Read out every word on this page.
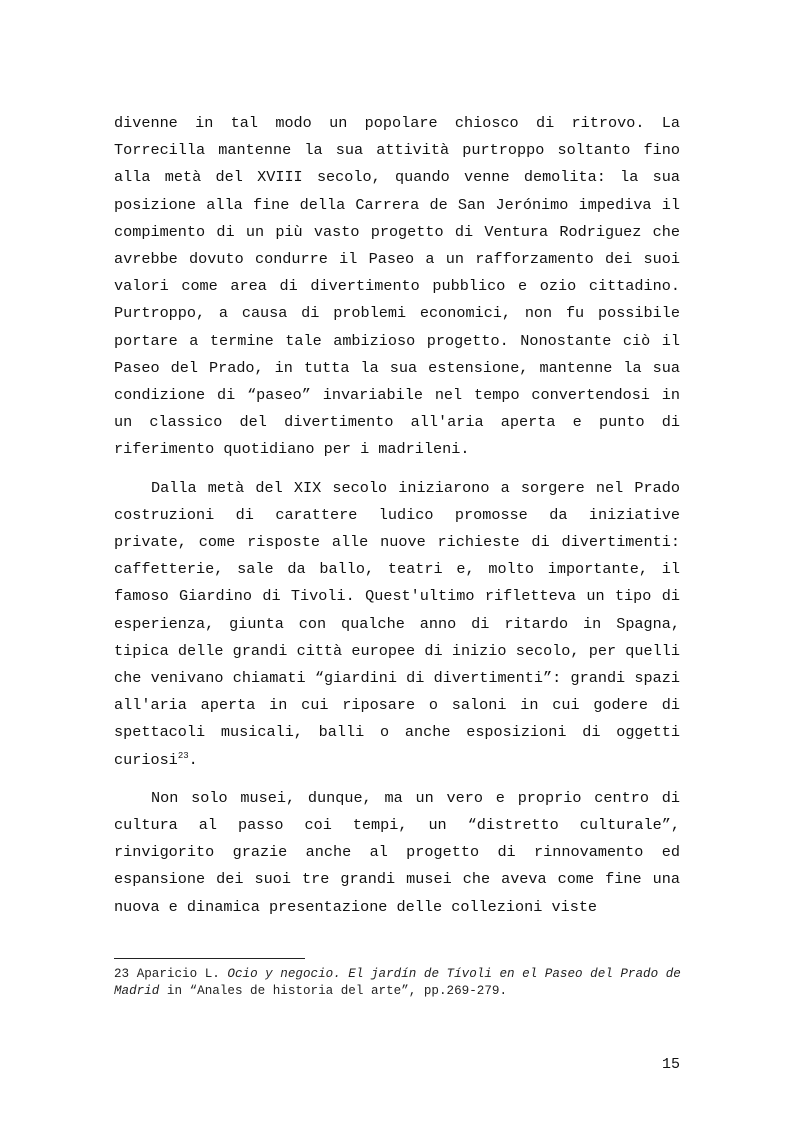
divenne in tal modo un popolare chiosco di ritrovo. La Torrecilla mantenne la sua attività purtroppo soltanto fino alla metà del XVIII secolo, quando venne demolita: la sua posizione alla fine della Carrera de San Jerónimo impediva il compimento di un più vasto progetto di Ventura Rodriguez che avrebbe dovuto condurre il Paseo a un rafforzamento dei suoi valori come area di divertimento pubblico e ozio cittadino. Purtroppo, a causa di problemi economici, non fu possibile portare a termine tale ambizioso progetto. Nonostante ciò il Paseo del Prado, in tutta la sua estensione, mantenne la sua condizione di “paseo” invariabile nel tempo convertendosi in un classico del divertimento all'aria aperta e punto di riferimento quotidiano per i madrileni.

Dalla metà del XIX secolo iniziarono a sorgere nel Prado costruzioni di carattere ludico promosse da iniziative private, come risposte alle nuove richieste di divertimenti: caffetterie, sale da ballo, teatri e, molto importante, il famoso Giardino di Tivoli. Quest'ultimo rifletteva un tipo di esperienza, giunta con qualche anno di ritardo in Spagna, tipica delle grandi città europee di inizio secolo, per quelli che venivano chiamati “giardini di divertimenti”: grandi spazi all'aria aperta in cui riposare o saloni in cui godere di spettacoli musicali, balli o anche esposizioni di oggetti curiosi$^{23}$.

Non solo musei, dunque, ma un vero e proprio centro di cultura al passo coi tempi, un “distretto culturale”, rinvigorito grazie anche al progetto di rinnovamento ed espansione dei suoi tre grandi musei che aveva come fine una nuova e dinamica presentazione delle collezioni viste

23 Aparicio L. Ocio y negocio. El jardín de Tívoli en el Paseo del Prado de Madrid in “Anales de historia del arte”, pp.269-279.
15
